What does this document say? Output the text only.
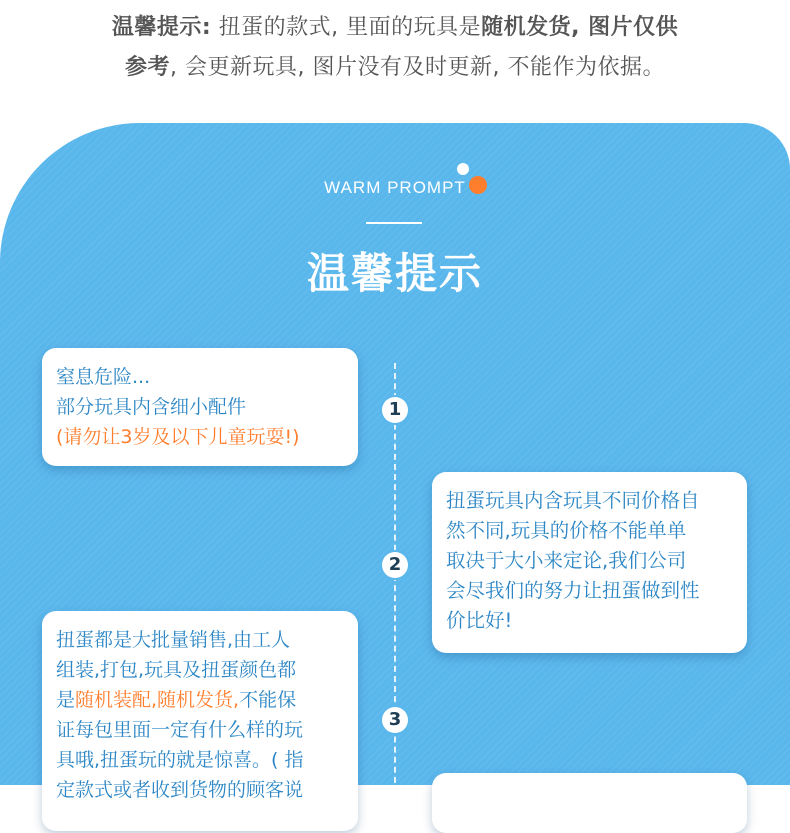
温馨提示: 扭蛋的款式, 里面的玩具是随机发货, 图片仅供
参考, 会更新玩具, 图片没有及时更新, 不能作为依据。
WARM PROMPT
温馨提示
1
2
3

窒息危险...

部分玩具内含细小配件

(请勿让3岁及以下儿童玩耍!)

扭蛋玩具内含玩具不同价格自

然不同,玩具的价格不能单单

取决于大小来定论,我们公司

会尽我们的努力让扭蛋做到性

价比好!

扭蛋都是大批量销售,由工人

组装,打包,玩具及扭蛋颜色都

是随机装配,随机发货,不能保

证每包里面一定有什么样的玩

具哦,扭蛋玩的就是惊喜。( 指

定款式或者收到货物的顾客说
